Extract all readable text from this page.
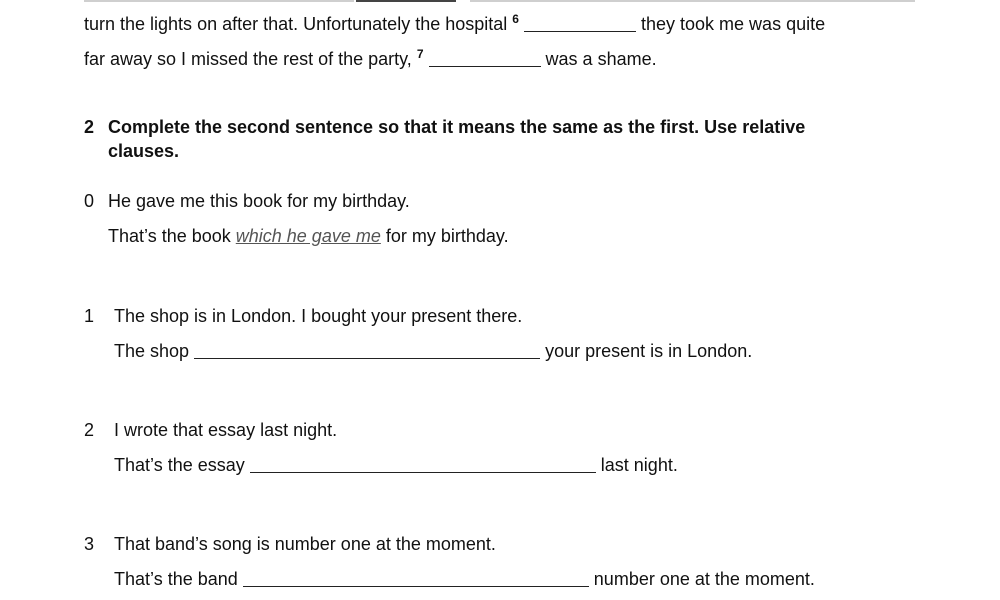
turn the lights on after that. Unfortunately the hospital $^6$	they took me was quite
far away so I missed the rest of the party, $^7$	was a shame.
2 Complete the second sentence so that it means the same as the first. Use relative
clauses.
0 He gave me this book for my birthday.
That’s the book which he gave me for my birthday.
1 The shop is in London. I bought your present there.
The shop	your present is in London.
2 I wrote that essay last night.
That’s the essay	last night.
3 That band’s song is number one at the moment.
That’s the band	number one at the moment.
